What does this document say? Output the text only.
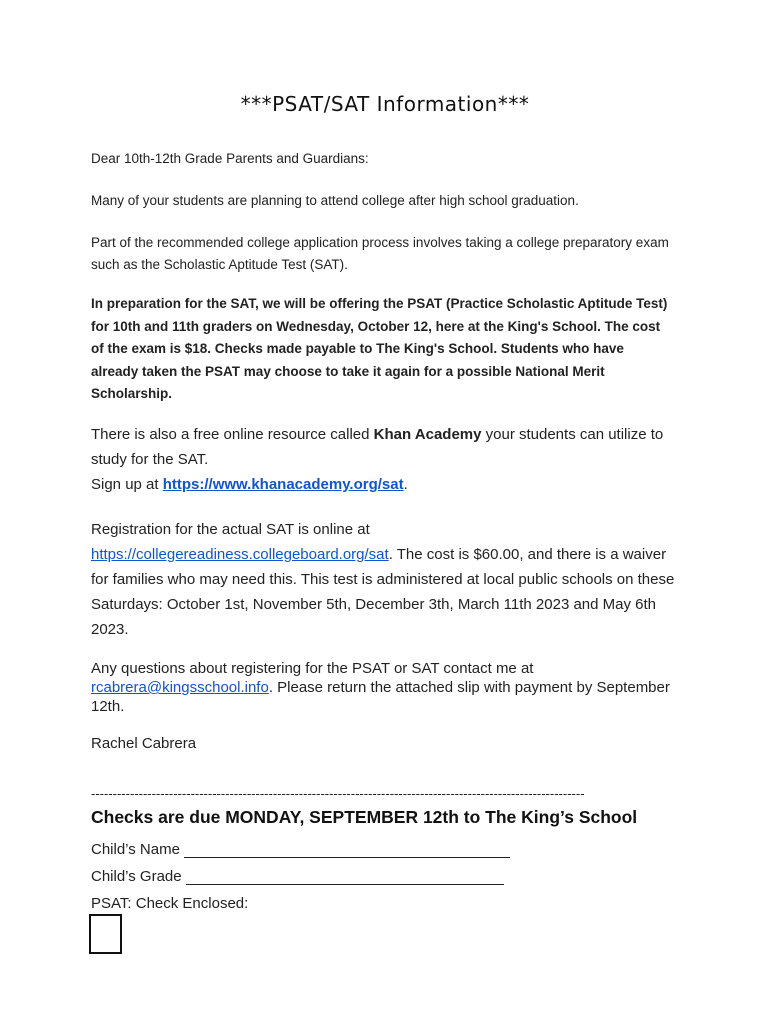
***PSAT/SAT Information***
Dear 10th-12th Grade Parents and Guardians:
Many of your students are planning to attend college after high school graduation.
Part of the recommended college application process involves taking a college preparatory exam such as the Scholastic Aptitude Test (SAT).
In preparation for the SAT, we will be offering the PSAT (Practice Scholastic Aptitude Test) for 10th and 11th graders on Wednesday, October 12, here at the King's School. The cost of the exam is $18. Checks made payable to The King's School. Students who have already taken the PSAT may choose to take it again for a possible National Merit Scholarship.
There is also a free online resource called Khan Academy your students can utilize to study for the SAT.
Sign up at https://www.khanacademy.org/sat.
Registration for the actual SAT is online at
https://collegereadiness.collegeboard.org/sat. The cost is $60.00, and there is a waiver for families who may need this. This test is administered at local public schools on these Saturdays: October 1st, November 5th, December 3th, March 11th 2023 and May 6th 2023.
Any questions about registering for the PSAT or SAT contact me at rcabrera@kingsschool.info. Please return the attached slip with payment by September 12th.
Rachel Cabrera
------------------------------------------------------------------------------------------------------------------
Checks are due MONDAY, SEPTEMBER 12th to The King’s School
Child’s Name
Child’s Grade
PSAT: Check Enclosed:
